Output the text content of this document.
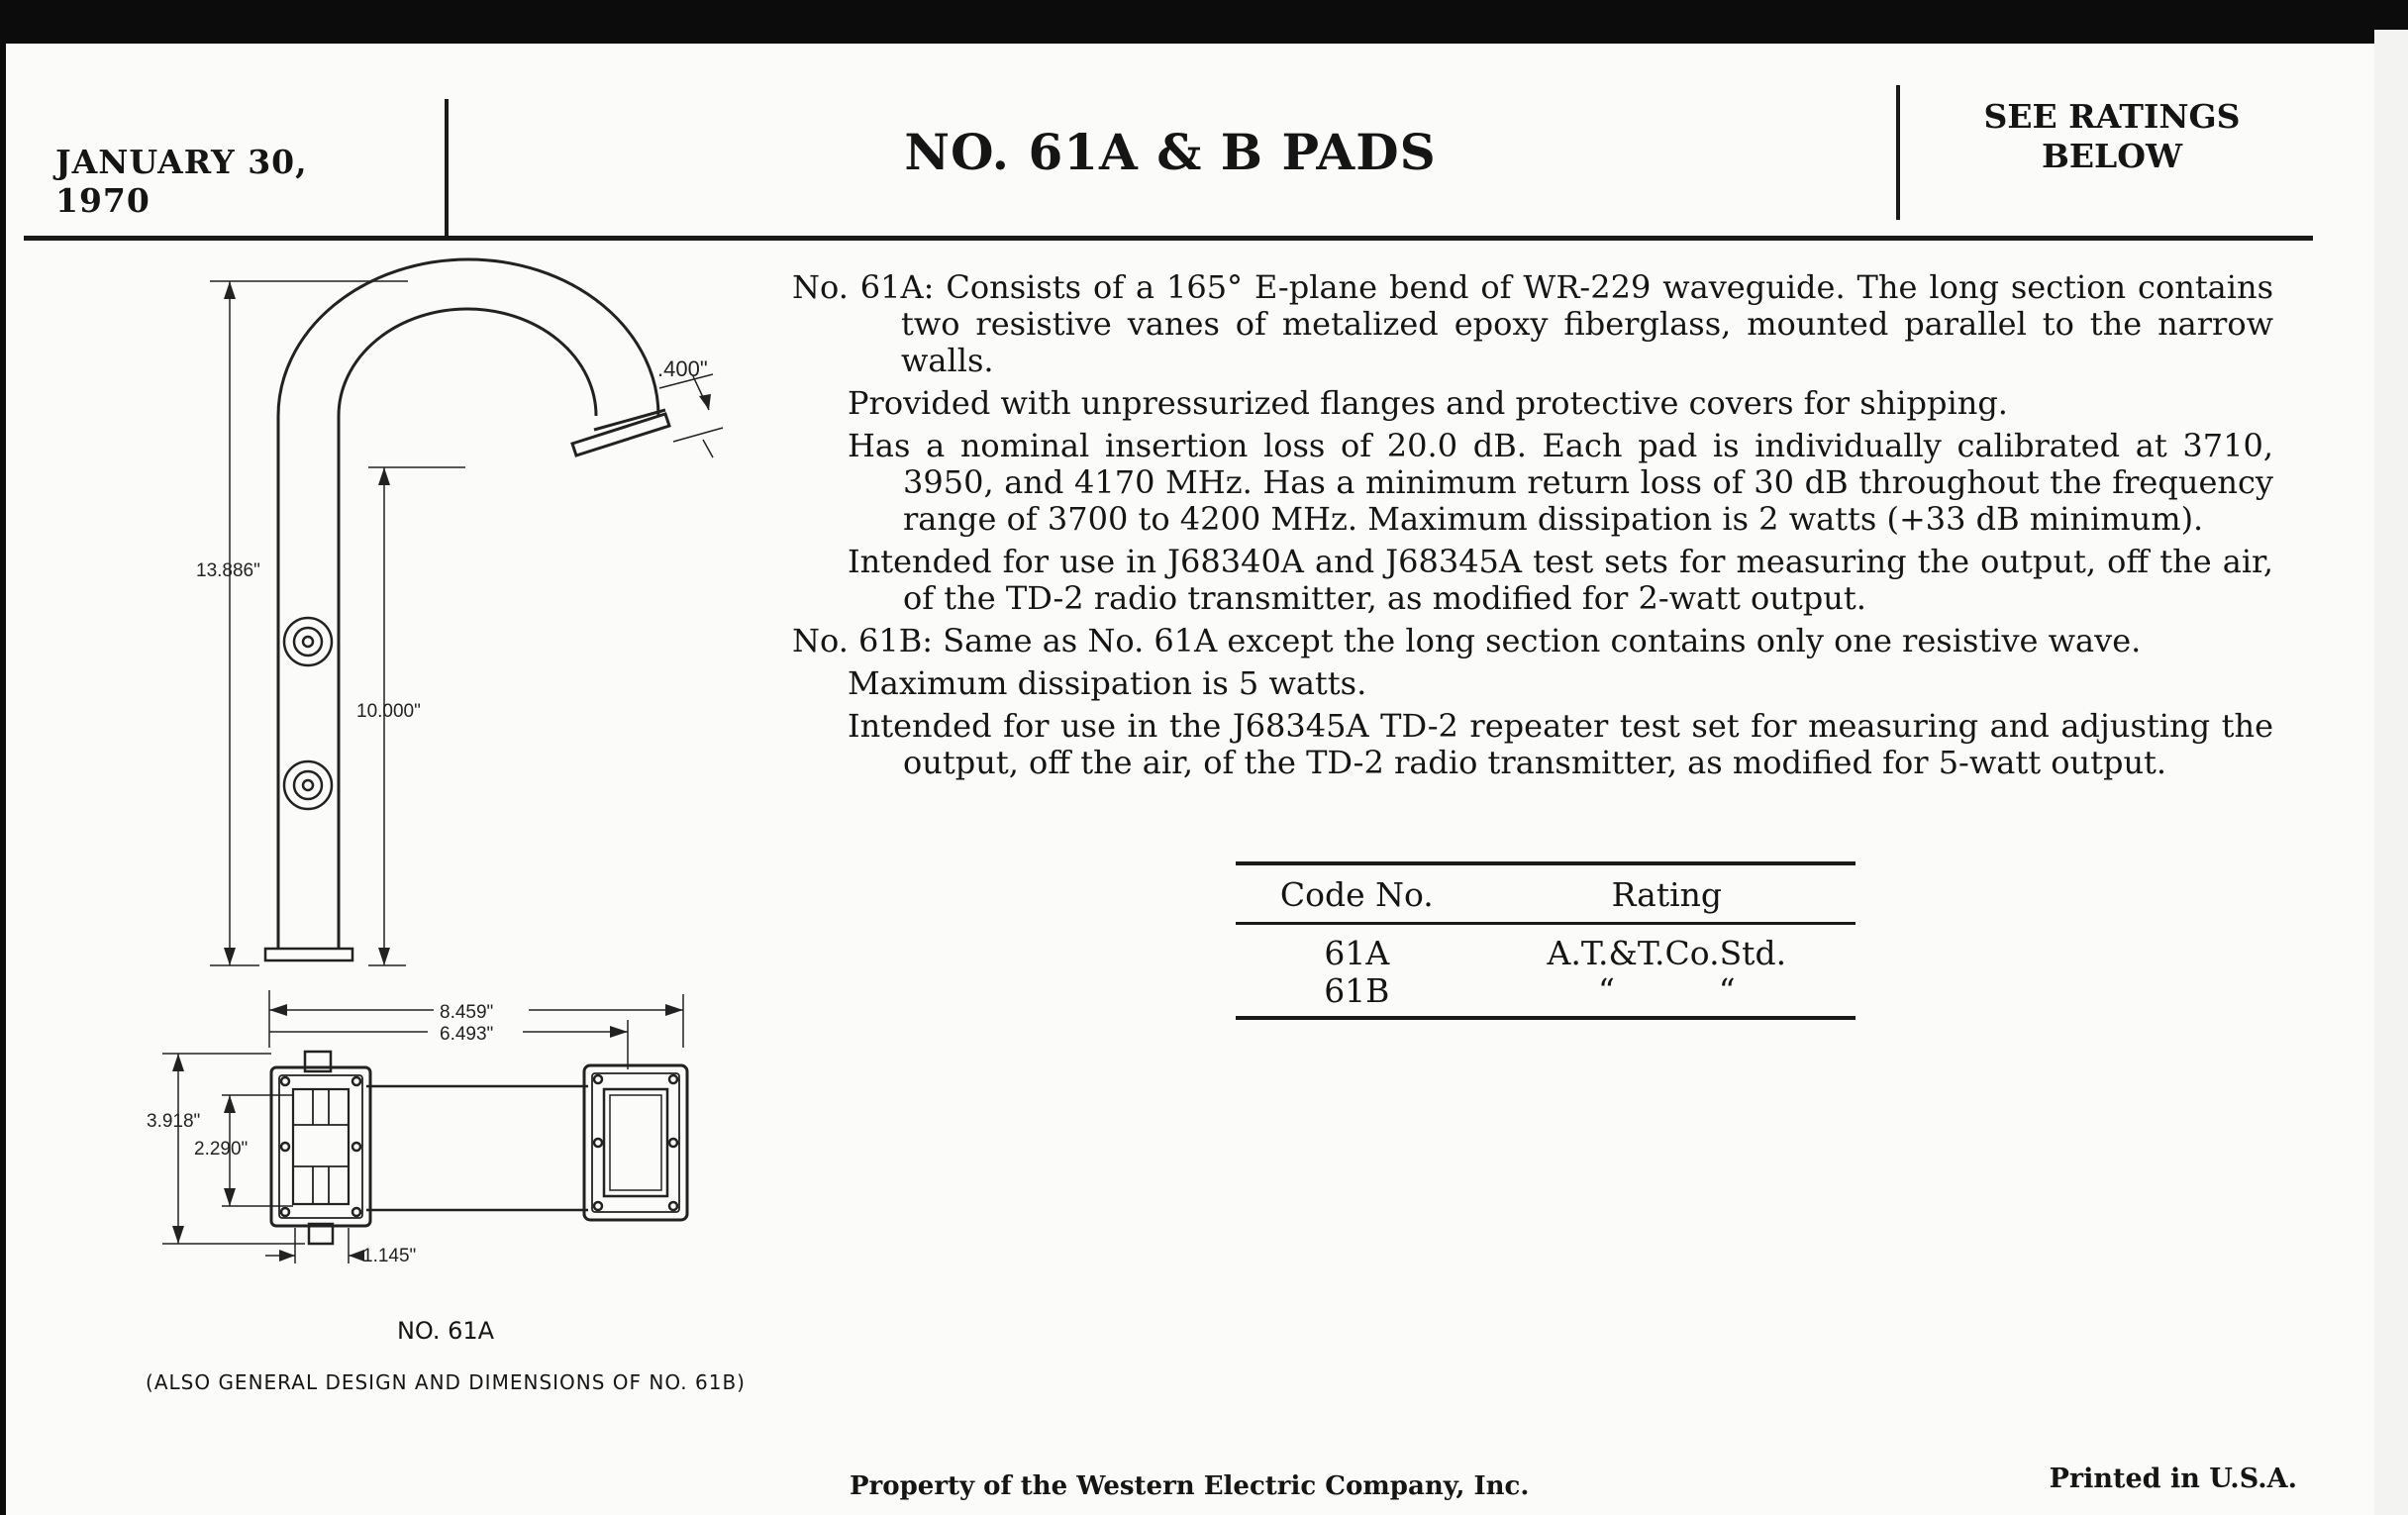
JANUARY 30, 1970
NO. 61A & B PADS
SEE RATINGS
BELOW

No. 61A: Consists of a 165° E-plane bend of WR-229 waveguide. The long section contains two resistive vanes of metalized epoxy fiberglass, mounted parallel to the narrow walls.

Provided with unpressurized flanges and protective covers for shipping.

Has a nominal insertion loss of 20.0 dB. Each pad is individually calibrated at 3710, 3950, and 4170 MHz. Has a minimum return loss of 30 dB throughout the frequency range of 3700 to 4200 MHz. Maximum dissipation is 2 watts (+33 dB minimum).

Intended for use in J68340A and J68345A test sets for measuring the output, off the air, of the TD-2 radio transmitter, as modified for 2-watt output.

No. 61B: Same as No. 61A except the long section contains only one resistive wave.

Maximum dissipation is 5 watts.

Intended for use in the J68345A TD-2 repeater test set for measuring and adjusting the output, off the air, of the TD-2 radio transmitter, as modified for 5-watt output.

Code No.	Rating
61A	A.T.&T.Co.Std.
61B	“          “
.400"
13.886"
10.000"
8.459"
6.493"
3.918"
2.290"
1.145"
NO. 61A
(ALSO GENERAL DESIGN AND DIMENSIONS OF NO. 61B)
Property of the Western Electric Company, Inc.	Printed in U.S.A.
